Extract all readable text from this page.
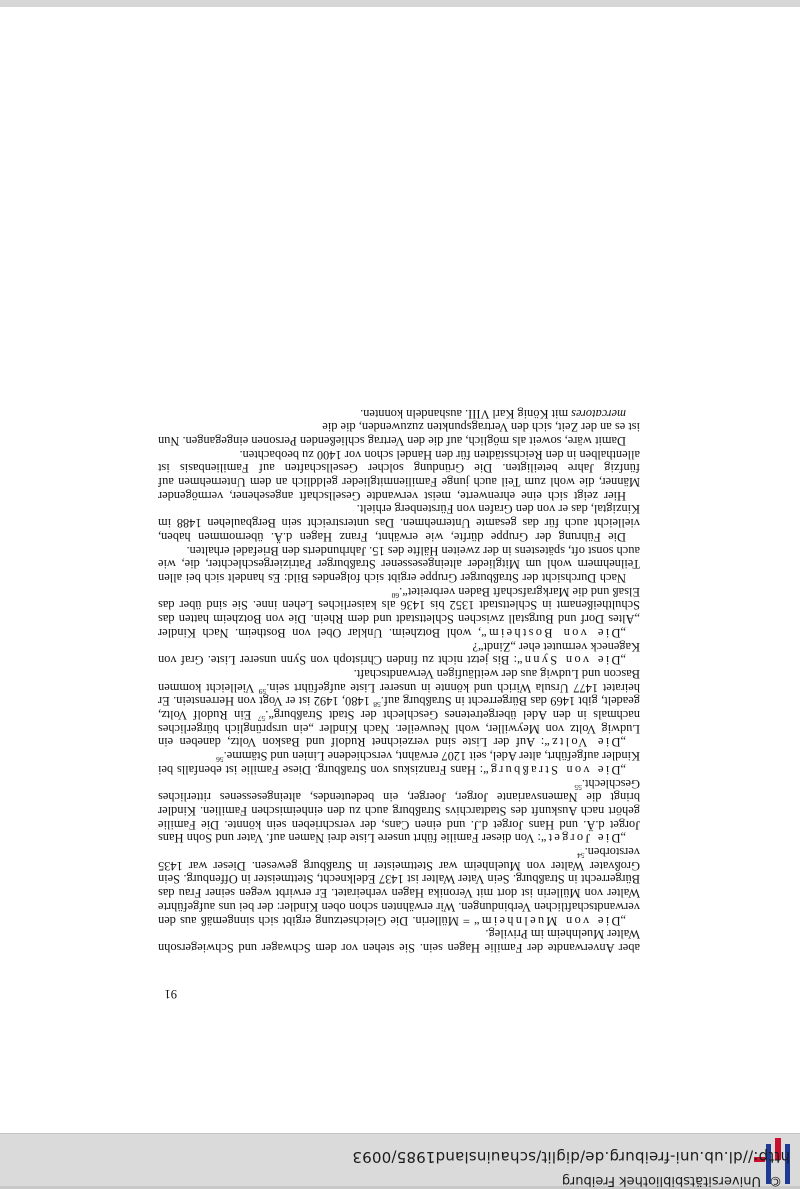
http://dl.ub.uni-freiburg.de/diglit/schauinsland1985/0093
©Universitätsbibliothek Freiburg

aber Anverwandte der Familie Hagen sein. Sie stehen vor dem Schwager und Schwiegersohn Walter Muelnheim im Privileg.

„Die von Muelnheim“ = Müllerin. Die Gleichsetzung ergibt sich sinngemäß aus den verwandtschaftlichen Verbindungen. Wir erwähnten schon oben Kindler: der bei uns aufgeführte Walter von Müllerin ist dort mit Veronika Hagen verheiratet. Er erwirbt wegen seiner Frau das Bürgerrecht in Straßburg. Sein Vater Walter ist 1437 Edelknecht, Stettmeister in Offenburg. Sein Großvater Walter von Muelnheim war Stettmeister in Straßburg gewesen. Dieser war 1435 verstorben.$^{54}$

„Die Jorget“: Von dieser Familie führt unsere Liste drei Namen auf. Vater und Sohn Hans Jorget d.Ä. und Hans Jorget d.J. und einen Cans, der verschrieben sein könnte. Die Familie gehört nach Auskunft des Stadtarchivs Straßburg auch zu den einheimischen Familien. Kindler bringt die Namensvariante Jorger, Joerger, ein bedeutendes, alteingesessenes ritterliches Geschlecht.$^{55}$

„Die von Straßburg“: Hans Franziskus von Straßburg. Diese Familie ist ebenfalls bei Kindler aufgeführt, alter Adel, seit 1207 erwähnt, verschiedene Linien und Stämme.$^{56}$

„Die Voltz“: Auf der Liste sind verzeichnet Rudolf und Baskon Voltz, daneben ein Ludwig Voltz von Meywiller, wohl Neuweiler. Nach Kindler „ein ursprünglich bürgerliches nachmals in den Adel übergetretenes Geschlecht der Stadt Straßburg“.$^{57}$ Ein Rudolf Voltz, geadelt, gibt 1469 das Bürgerrecht in Straßburg auf.$^{58}$ 1480, 1492 ist er Vogt von Herrenstein. Er heiratet 1477 Ursula Wirich und könnte in unserer Liste aufgeführt sein.$^{59}$ Vielleicht kommen Bascon und Ludwig aus der weitläufigen Verwandtschaft.

„Die von Synn“: Bis jetzt nicht zu finden Christoph von Synn unserer Liste. Graf von Kageneck vermutet eher „Zindt“?

„Die von Bostheim“, wohl Botzheim. Unklar Obel von Bostheim. Nach Kindler „Altes Dorf und Burgstall zwischen Schlettstadt und dem Rhein. Die von Botzheim hatten das Schultheißenamt in Schlettstadt 1352 bis 1436 als kaiserliches Lehen inne. Sie sind über das Elsaß und die Markgrafschaft Baden verbreitet“.$^{60}$

Nach Durchsicht der Straßburger Gruppe ergibt sich folgendes Bild: Es handelt sich bei allen Teilnehmern wohl um Mitglieder alteingesessener Straßburger Patriziergeschlechter, die, wie auch sonst oft, spätestens in der zweiten Hälfte des 15. Jahrhunderts den Briefadel erhalten.

Die Führung der Gruppe dürfte, wie erwähnt, Franz Hagen d.Ä. übernommen haben, vielleicht auch für das gesamte Unternehmen. Das unterstreicht sein Bergbaulehen 1488 im Kinzigtal, das er von den Grafen von Fürstenberg erhielt.

Hier zeigt sich eine ehrenwerte, meist verwandte Gesellschaft angesehener, vermögender Männer, die wohl zum Teil auch junge Familienmitglieder gelddlich an dem Unternehmen auf fünfzig Jahre beteiligten. Die Gründung solcher Gesellschaften auf Familienbasis ist allenthalben in den Reichsstädten für den Handel schon vor 1400 zu beobachten.

Damit wäre, soweit als möglich, auf die den Vertrag schließenden Personen eingegangen. Nun ist es an der Zeit, sich den Vertragspunkten zuzuwenden, die die

mercatores mit König Karl VIII. aushandeln konnten.

91
